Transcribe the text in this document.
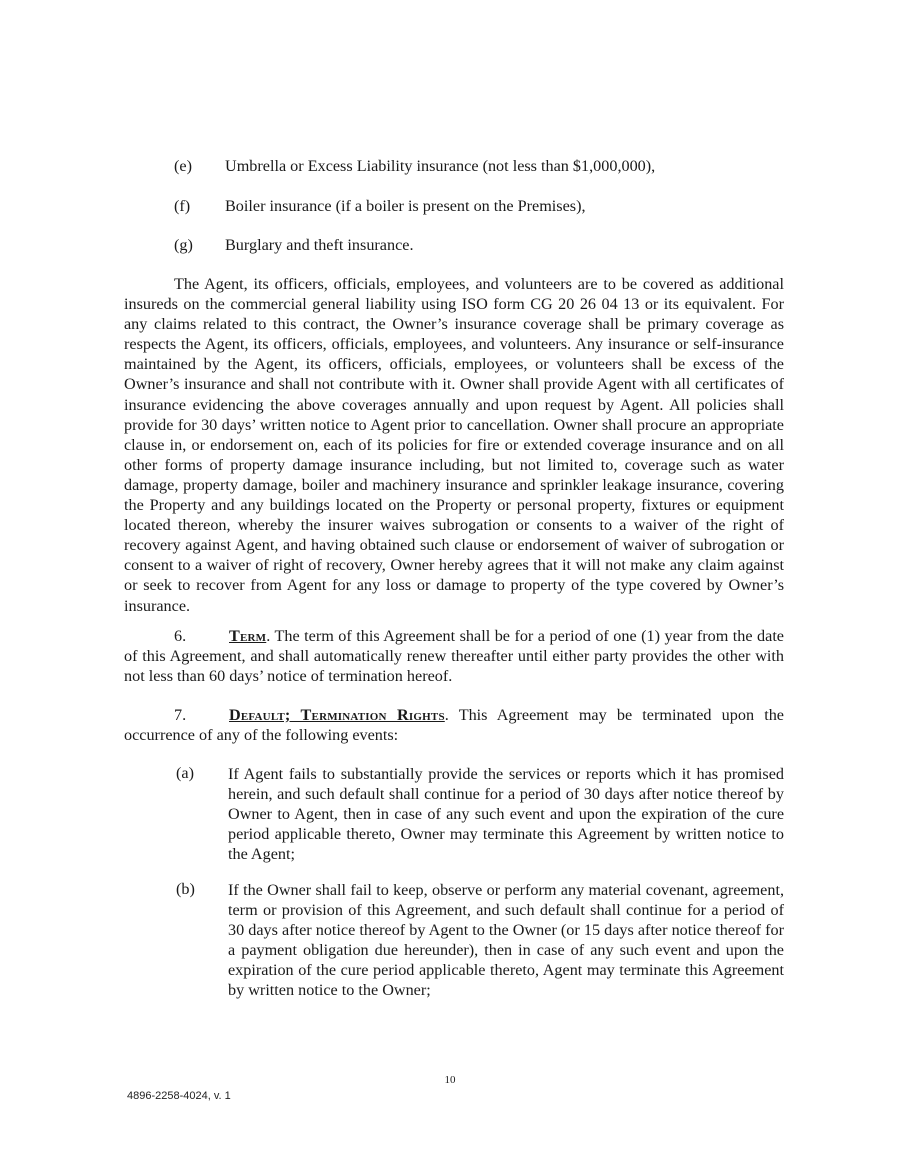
(e)	Umbrella or Excess Liability insurance (not less than $1,000,000),
(f)	Boiler insurance (if a boiler is present on the Premises),
(g)	Burglary and theft insurance.
The Agent, its officers, officials, employees, and volunteers are to be covered as additional insureds on the commercial general liability using ISO form CG 20 26 04 13 or its equivalent. For any claims related to this contract, the Owner’s insurance coverage shall be primary coverage as respects the Agent, its officers, officials, employees, and volunteers. Any insurance or self-insurance maintained by the Agent, its officers, officials, employees, or volunteers shall be excess of the Owner’s insurance and shall not contribute with it. Owner shall provide Agent with all certificates of insurance evidencing the above coverages annually and upon request by Agent. All policies shall provide for 30 days’ written notice to Agent prior to cancellation. Owner shall procure an appropriate clause in, or endorsement on, each of its policies for fire or extended coverage insurance and on all other forms of property damage insurance including, but not limited to, coverage such as water damage, property damage, boiler and machinery insurance and sprinkler leakage insurance, covering the Property and any buildings located on the Property or personal property, fixtures or equipment located thereon, whereby the insurer waives subrogation or consents to a waiver of the right of recovery against Agent, and having obtained such clause or endorsement of waiver of subrogation or consent to a waiver of right of recovery, Owner hereby agrees that it will not make any claim against or seek to recover from Agent for any loss or damage to property of the type covered by Owner’s insurance.
6.	Term. The term of this Agreement shall be for a period of one (1) year from the date of this Agreement, and shall automatically renew thereafter until either party provides the other with not less than 60 days’ notice of termination hereof.
7.	Default; Termination Rights. This Agreement may be terminated upon the occurrence of any of the following events:
(a)	If Agent fails to substantially provide the services or reports which it has promised herein, and such default shall continue for a period of 30 days after notice thereof by Owner to Agent, then in case of any such event and upon the expiration of the cure period applicable thereto, Owner may terminate this Agreement by written notice to the Agent;
(b)	If the Owner shall fail to keep, observe or perform any material covenant, agreement, term or provision of this Agreement, and such default shall continue for a period of 30 days after notice thereof by Agent to the Owner (or 15 days after notice thereof for a payment obligation due hereunder), then in case of any such event and upon the expiration of the cure period applicable thereto, Agent may terminate this Agreement by written notice to the Owner;
10
4896-2258-4024, v. 1
